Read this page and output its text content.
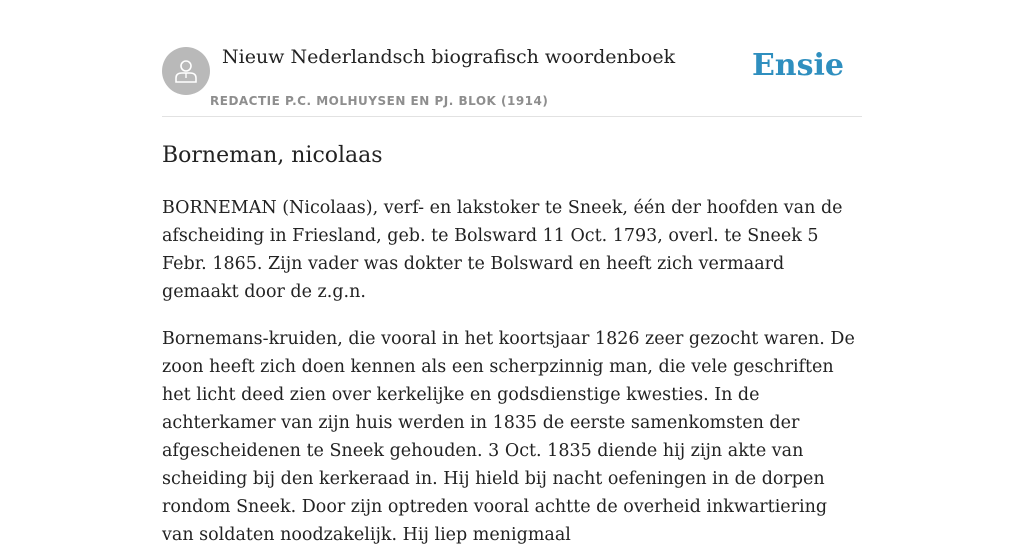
Nieuw Nederlandsch biografisch woordenboek
REDACTIE P.C. MOLHUYSEN EN PJ. BLOK (1914)
Ensie
Borneman, nicolaas

BORNEMAN (Nicolaas), verf- en lakstoker te Sneek, één der hoofden van de afscheiding in Friesland, geb. te Bolsward 11 Oct. 1793, overl. te Sneek 5 Febr. 1865. Zijn vader was dokter te Bolsward en heeft zich vermaard gemaakt door de z.g.n.

Bornemans-kruiden, die vooral in het koortsjaar 1826 zeer gezocht waren. De zoon heeft zich doen kennen als een scherpzinnig man, die vele geschriften het licht deed zien over kerkelijke en godsdienstige kwesties. In de achterkamer van zijn huis werden in 1835 de eerste samenkomsten der afgescheidenen te Sneek gehouden. 3 Oct. 1835 diende hij zijn akte van scheiding bij den kerkeraad in. Hij hield bij nacht oefeningen in de dorpen rondom Sneek. Door zijn optreden vooral achtte de overheid inkwartiering van soldaten noodzakelijk. Hij liep menigmaal
